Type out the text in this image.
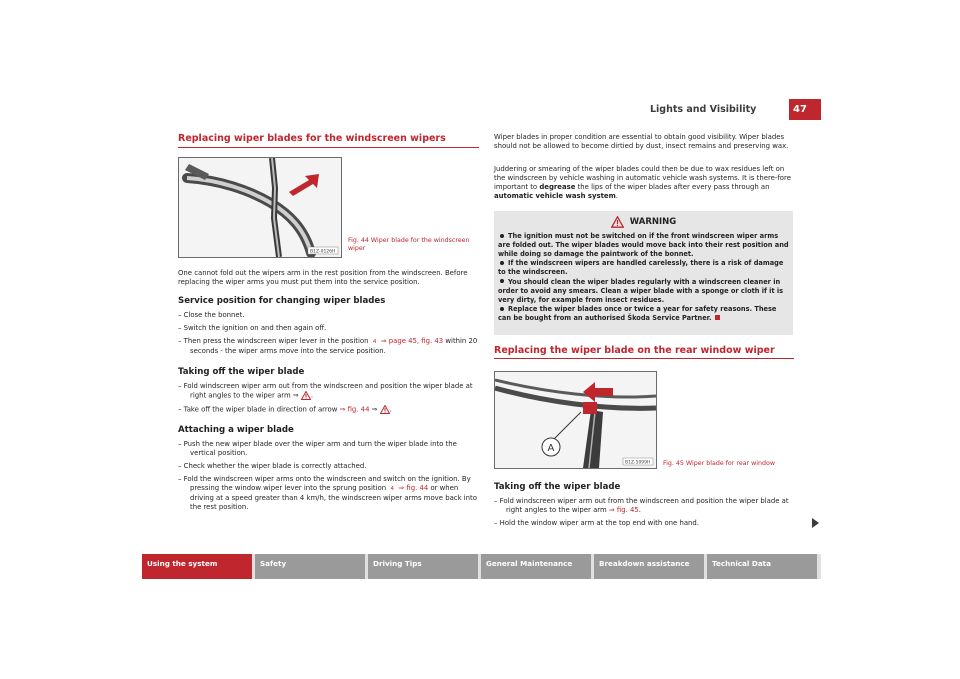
Lights and Visibility	47
Replacing wiper blades for the windscreen wipers
B1Z-0126H
Fig. 44 Wiper blade for the windscreen wiper
One cannot fold out the wipers arm in the rest position from the windscreen. Before replacing the wiper arms you must put them into the service position.
Service position for changing wiper blades
– Close the bonnet.
– Switch the ignition on and then again off.
– Then press the windscreen wiper lever in the position 4 ⇒ page 45, fig. 43 within 20 seconds - the wiper arms move into the service position.
Taking off the wiper blade
– Fold windscreen wiper arm out from the windscreen and position the wiper blade at right angles to the wiper arm ⇒ .
– Take off the wiper blade in direction of arrow ⇒ fig. 44 ⇒ .
Attaching a wiper blade
– Push the new wiper blade over the wiper arm and turn the wiper blade into the vertical position.
– Check whether the wiper blade is correctly attached.
– Fold the windscreen wiper arms onto the windscreen and switch on the ignition. By pressing the window wiper lever into the sprung position 4 ⇒ fig. 44 or when driving at a speed greater than 4 km/h, the windscreen wiper arms move back into the rest position.
Wiper blades in proper condition are essential to obtain good visibility. Wiper blades should not be allowed to become dirtied by dust, insect remains and preserving wax.
Juddering or smearing of the wiper blades could then be due to wax residues left on the windscreen by vehicle washing in automatic vehicle wash systems. It is there-fore important to degrease the lips of the wiper blades after every pass through an automatic vehicle wash system.
WARNING
The ignition must not be switched on if the front windscreen wiper arms are folded out. The wiper blades would move back into their rest position and while doing so damage the paintwork of the bonnet.
If the windscreen wipers are handled carelessly, there is a risk of damage to the windscreen.
You should clean the wiper blades regularly with a windscreen cleaner in order to avoid any smears. Clean a wiper blade with a sponge or cloth if it is very dirty, for example from insect residues.
Replace the wiper blades once or twice a year for safety reasons. These can be bought from an authorised Škoda Service Partner.
Replacing the wiper blade on the rear window wiper
A
B1Z-5099H Fig. 45 Wiper blade for rear window
Taking off the wiper blade
– Fold windscreen wiper arm out from the windscreen and position the wiper blade at right angles to the wiper arm ⇒ fig. 45.
– Hold the window wiper arm at the top end with one hand.
Using the system	Safety	Driving Tips	General Maintenance	Breakdown assistance	Technical Data
